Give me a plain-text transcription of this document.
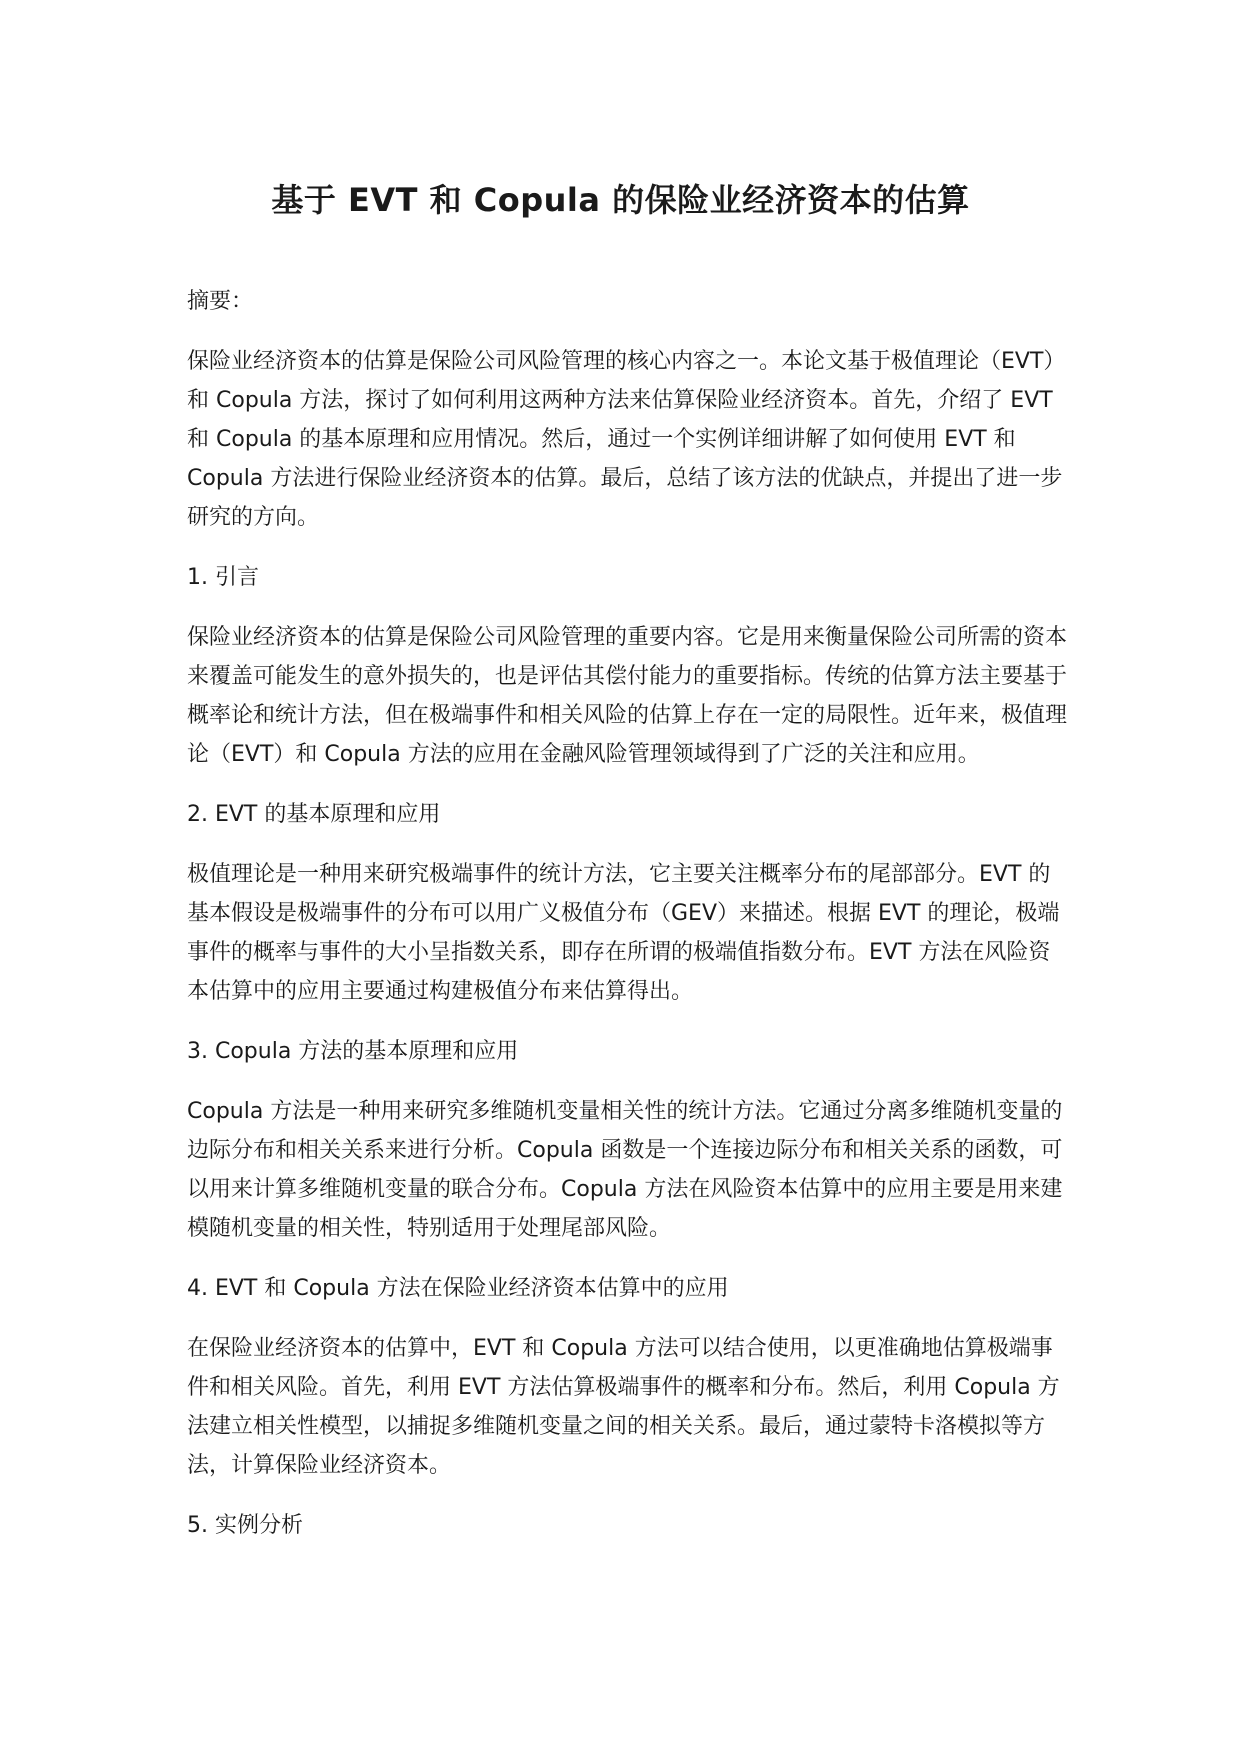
基于 EVT 和 Copula 的保险业经济资本的估算

摘要：

保险业经济资本的估算是保险公司风险管理的核心内容之一。本论文基于极值理论（EVT）和 Copula 方法，探讨了如何利用这两种方法来估算保险业经济资本。首先，介绍了 EVT 和 Copula 的基本原理和应用情况。然后，通过一个实例详细讲解了如何使用 EVT 和 Copula 方法进行保险业经济资本的估算。最后，总结了该方法的优缺点，并提出了进一步研究的方向。

1. 引言

保险业经济资本的估算是保险公司风险管理的重要内容。它是用来衡量保险公司所需的资本来覆盖可能发生的意外损失的，也是评估其偿付能力的重要指标。传统的估算方法主要基于概率论和统计方法，但在极端事件和相关风险的估算上存在一定的局限性。近年来，极值理论（EVT）和 Copula 方法的应用在金融风险管理领域得到了广泛的关注和应用。

2. EVT 的基本原理和应用

极值理论是一种用来研究极端事件的统计方法，它主要关注概率分布的尾部部分。EVT 的基本假设是极端事件的分布可以用广义极值分布（GEV）来描述。根据 EVT 的理论，极端事件的概率与事件的大小呈指数关系，即存在所谓的极端值指数分布。EVT 方法在风险资本估算中的应用主要通过构建极值分布来估算得出。

3. Copula 方法的基本原理和应用

Copula 方法是一种用来研究多维随机变量相关性的统计方法。它通过分离多维随机变量的边际分布和相关关系来进行分析。Copula 函数是一个连接边际分布和相关关系的函数，可以用来计算多维随机变量的联合分布。Copula 方法在风险资本估算中的应用主要是用来建模随机变量的相关性，特别适用于处理尾部风险。

4. EVT 和 Copula 方法在保险业经济资本估算中的应用

在保险业经济资本的估算中，EVT 和 Copula 方法可以结合使用，以更准确地估算极端事件和相关风险。首先，利用 EVT 方法估算极端事件的概率和分布。然后，利用 Copula 方法建立相关性模型，以捕捉多维随机变量之间的相关关系。最后，通过蒙特卡洛模拟等方法，计算保险业经济资本。

5. 实例分析
